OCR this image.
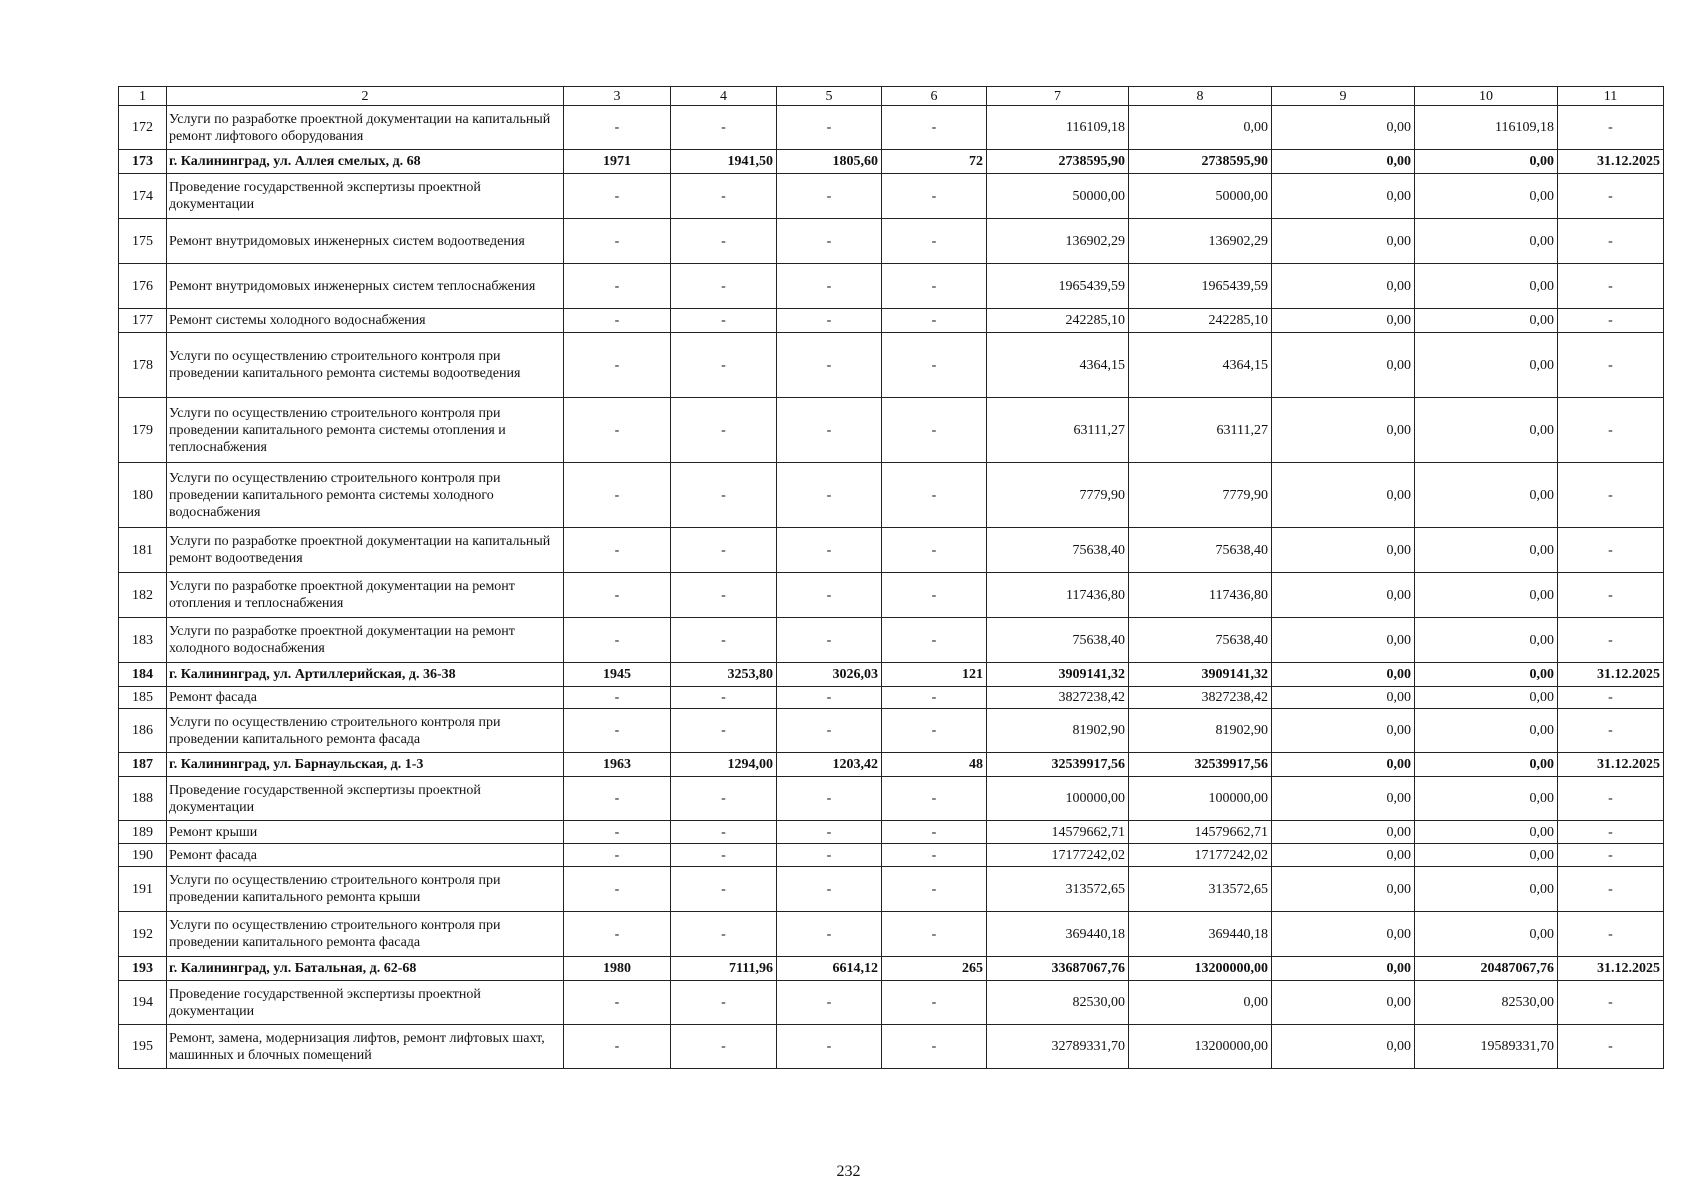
1	2	3	4	5	6	7	8	9	10	11
172	Услуги по разработке проектной документации на капитальный ремонт лифтового оборудования	-	-	-	-	116109,18	0,00	0,00	116109,18	-
173	г. Калининград, ул. Аллея смелых, д. 68	1971	1941,50	1805,60	72	2738595,90	2738595,90	0,00	0,00	31.12.2025
174	Проведение государственной экспертизы проектной документации	-	-	-	-	50000,00	50000,00	0,00	0,00	-
175	Ремонт внутридомовых инженерных систем водоотведения	-	-	-	-	136902,29	136902,29	0,00	0,00	-
176	Ремонт внутридомовых инженерных систем теплоснабжения	-	-	-	-	1965439,59	1965439,59	0,00	0,00	-
177	Ремонт системы холодного водоснабжения	-	-	-	-	242285,10	242285,10	0,00	0,00	-
178	Услуги по осуществлению строительного контроля при проведении капитального ремонта системы водоотведения	-	-	-	-	4364,15	4364,15	0,00	0,00	-
179	Услуги по осуществлению строительного контроля при проведении капитального ремонта системы отопления и теплоснабжения	-	-	-	-	63111,27	63111,27	0,00	0,00	-
180	Услуги по осуществлению строительного контроля при проведении капитального ремонта системы холодного водоснабжения	-	-	-	-	7779,90	7779,90	0,00	0,00	-
181	Услуги по разработке проектной документации на капитальный ремонт водоотведения	-	-	-	-	75638,40	75638,40	0,00	0,00	-
182	Услуги по разработке проектной документации на ремонт отопления и теплоснабжения	-	-	-	-	117436,80	117436,80	0,00	0,00	-
183	Услуги по разработке проектной документации на ремонт холодного водоснабжения	-	-	-	-	75638,40	75638,40	0,00	0,00	-
184	г. Калининград, ул. Артиллерийская, д. 36-38	1945	3253,80	3026,03	121	3909141,32	3909141,32	0,00	0,00	31.12.2025
185	Ремонт фасада	-	-	-	-	3827238,42	3827238,42	0,00	0,00	-
186	Услуги по осуществлению строительного контроля при проведении капитального ремонта фасада	-	-	-	-	81902,90	81902,90	0,00	0,00	-
187	г. Калининград, ул. Барнаульская, д. 1-3	1963	1294,00	1203,42	48	32539917,56	32539917,56	0,00	0,00	31.12.2025
188	Проведение государственной экспертизы проектной документации	-	-	-	-	100000,00	100000,00	0,00	0,00	-
189	Ремонт крыши	-	-	-	-	14579662,71	14579662,71	0,00	0,00	-
190	Ремонт фасада	-	-	-	-	17177242,02	17177242,02	0,00	0,00	-
191	Услуги по осуществлению строительного контроля при проведении капитального ремонта крыши	-	-	-	-	313572,65	313572,65	0,00	0,00	-
192	Услуги по осуществлению строительного контроля при проведении капитального ремонта фасада	-	-	-	-	369440,18	369440,18	0,00	0,00	-
193	г. Калининград, ул. Батальная, д. 62-68	1980	7111,96	6614,12	265	33687067,76	13200000,00	0,00	20487067,76	31.12.2025
194	Проведение государственной экспертизы проектной документации	-	-	-	-	82530,00	0,00	0,00	82530,00	-
195	Ремонт, замена, модернизация лифтов, ремонт лифтовых шахт, машинных и блочных помещений	-	-	-	-	32789331,70	13200000,00	0,00	19589331,70	-
232
